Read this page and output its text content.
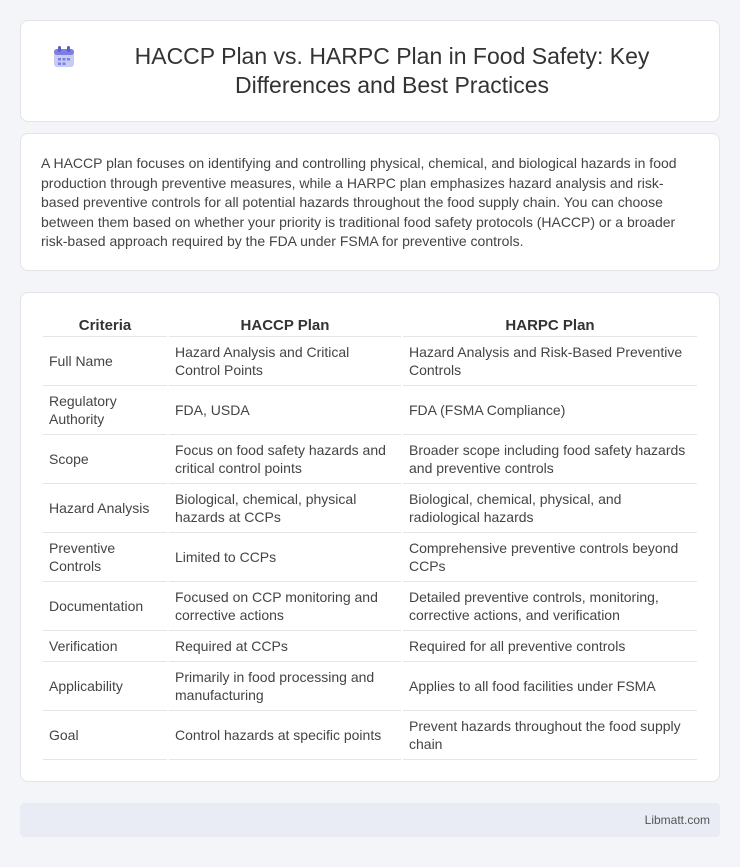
HACCP Plan vs. HARPC Plan in Food Safety: Key Differences and Best Practices

A HACCP plan focuses on identifying and controlling physical, chemical, and biological hazards in food production through preventive measures, while a HARPC plan emphasizes hazard analysis and risk-based preventive controls for all potential hazards throughout the food supply chain. You can choose between them based on whether your priority is traditional food safety protocols (HACCP) or a broader risk-based approach required by the FDA under FSMA for preventive controls.

Criteria	HACCP Plan	HARPC Plan
Full Name	Hazard Analysis and Critical Control Points	Hazard Analysis and Risk-Based Preventive Controls
Regulatory Authority	FDA, USDA	FDA (FSMA Compliance)
Scope	Focus on food safety hazards and critical control points	Broader scope including food safety hazards and preventive controls
Hazard Analysis	Biological, chemical, physical hazards at CCPs	Biological, chemical, physical, and radiological hazards
Preventive Controls	Limited to CCPs	Comprehensive preventive controls beyond CCPs
Documentation	Focused on CCP monitoring and corrective actions	Detailed preventive controls, monitoring, corrective actions, and verification
Verification	Required at CCPs	Required for all preventive controls
Applicability	Primarily in food processing and manufacturing	Applies to all food facilities under FSMA
Goal	Control hazards at specific points	Prevent hazards throughout the food supply chain
Libmatt.com
